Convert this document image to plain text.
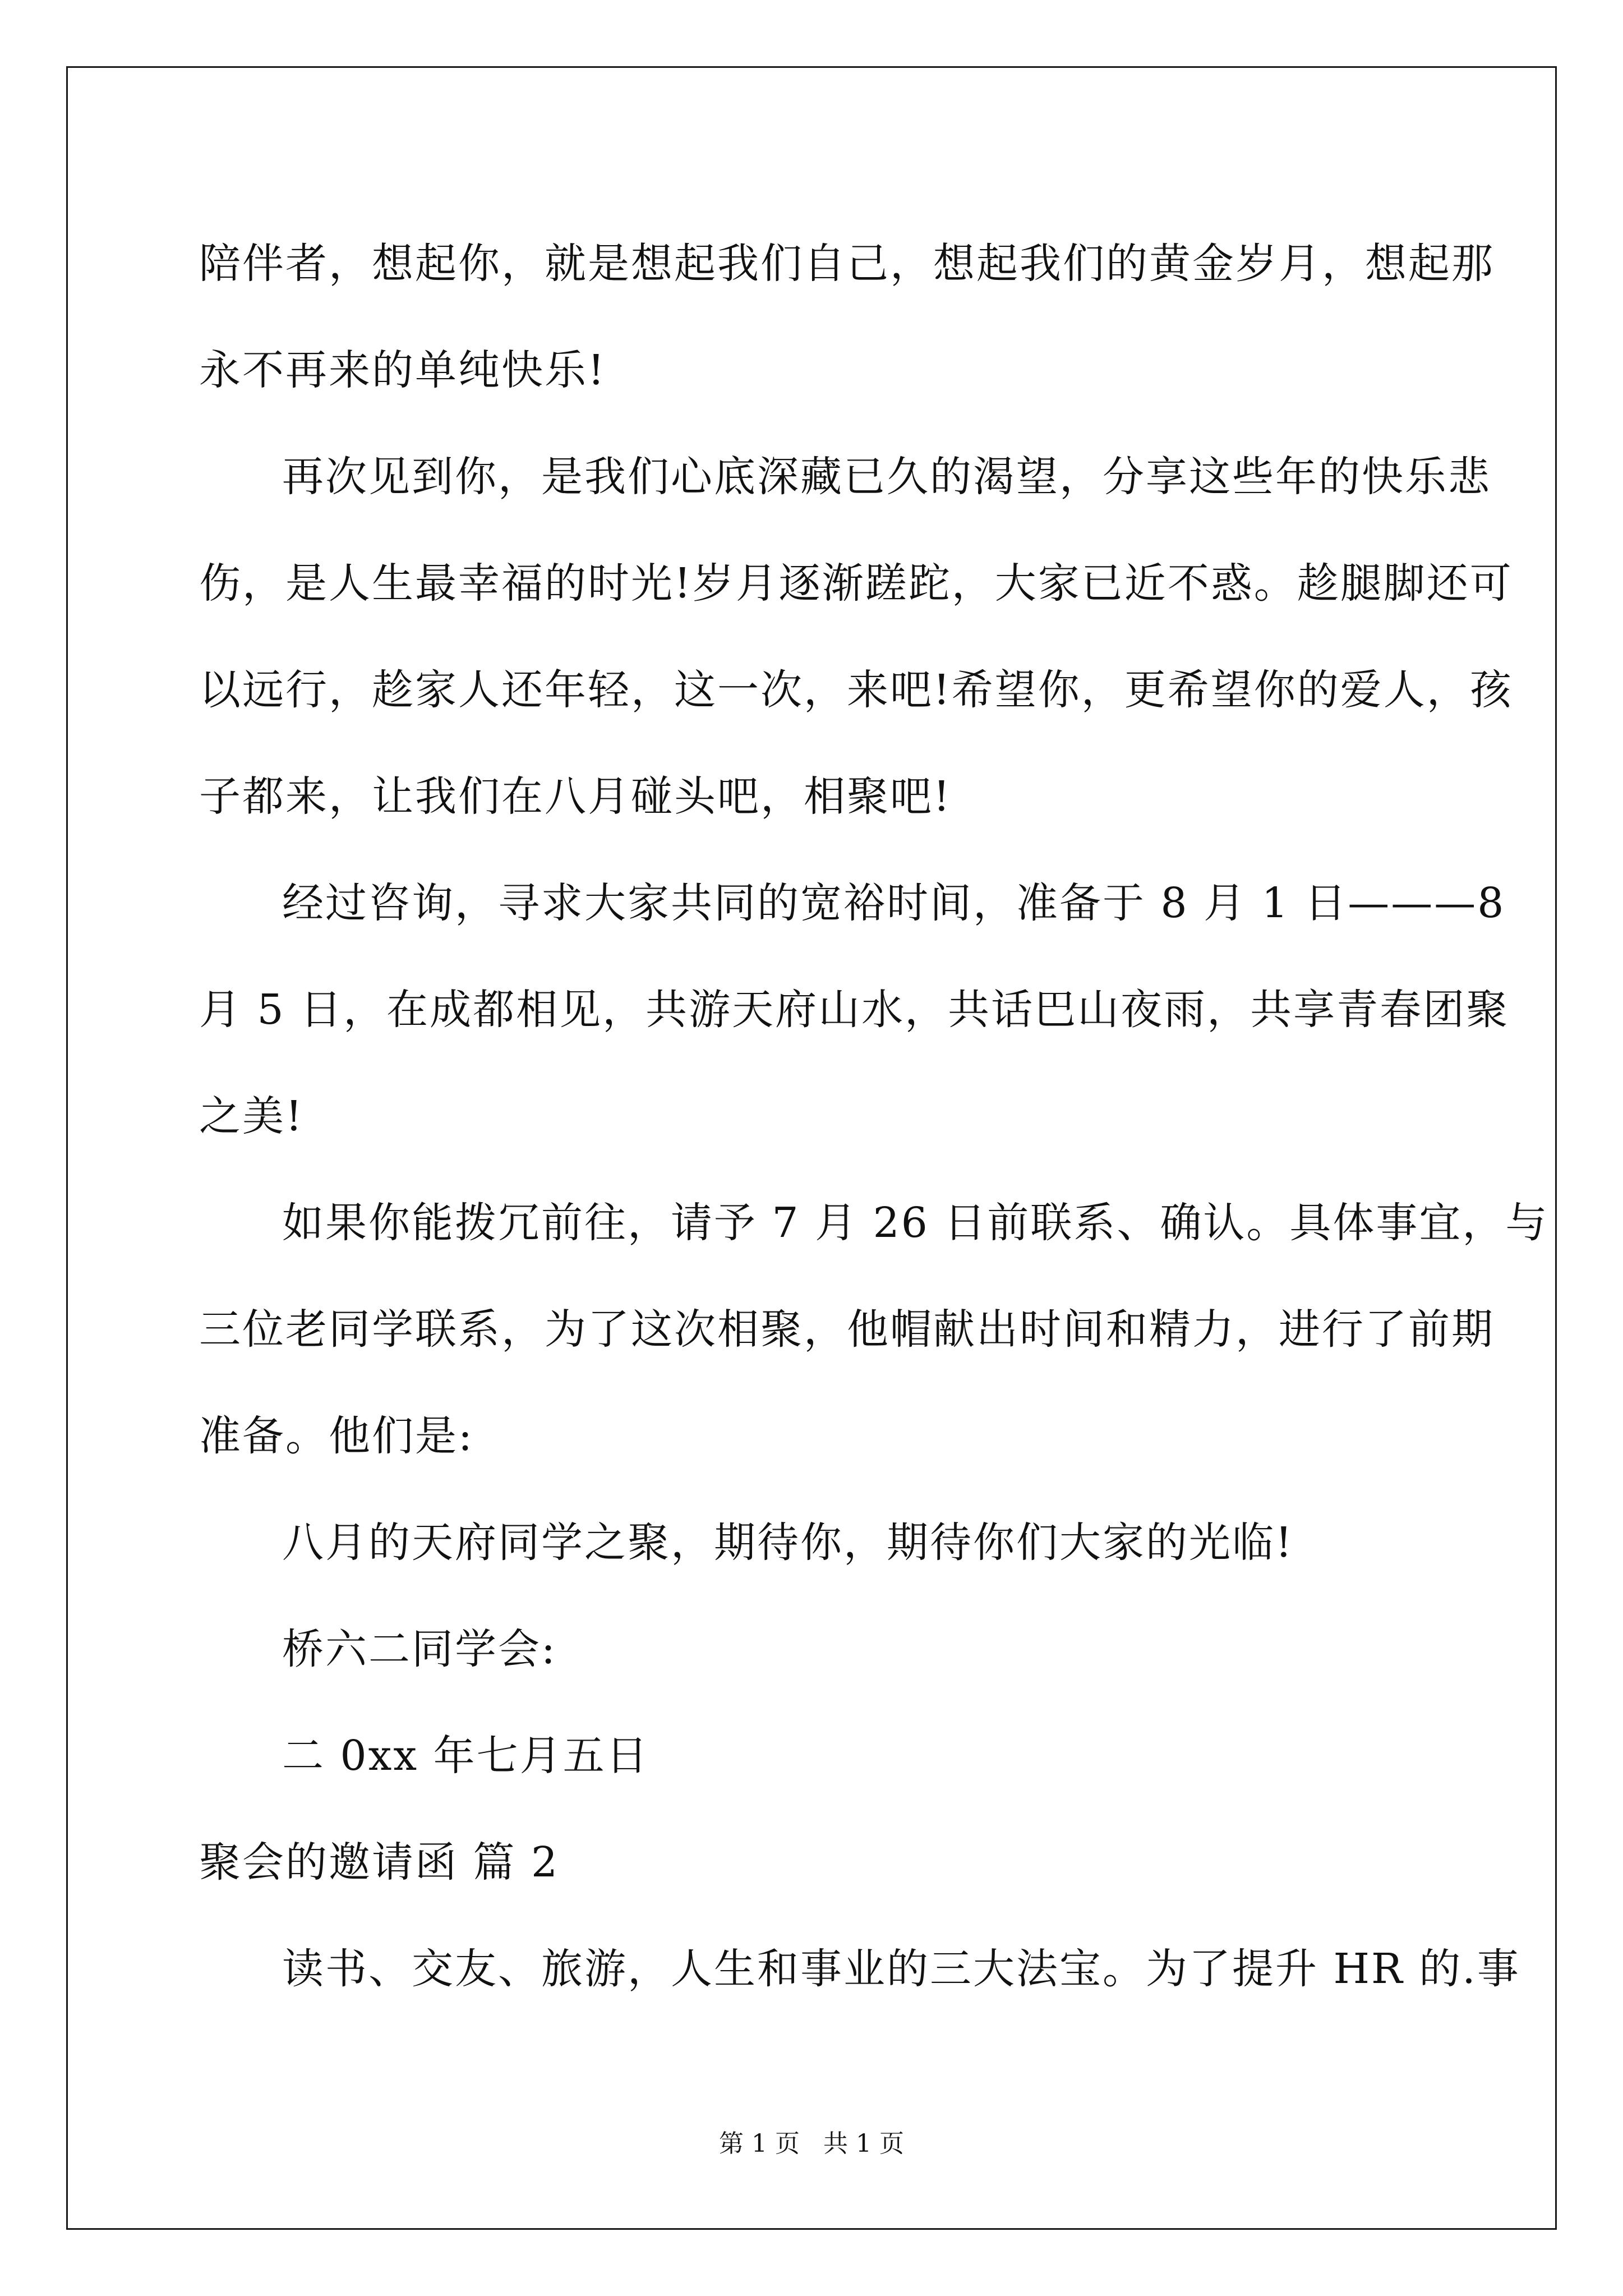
陪伴者，想起你，就是想起我们自己，想起我们的黄金岁月，想起那
永不再来的单纯快乐!
再次见到你，是我们心底深藏已久的渴望，分享这些年的快乐悲
伤，是人生最幸福的时光!岁月逐渐蹉跎，大家已近不惑。趁腿脚还可
以远行，趁家人还年轻，这一次，来吧!希望你，更希望你的爱人，孩
子都来，让我们在八月碰头吧，相聚吧!
经过咨询，寻求大家共同的宽裕时间，准备于 8 月 1 日———8
月 5 日，在成都相见，共游天府山水，共话巴山夜雨，共享青春团聚
之美!
如果你能拨冗前往，请予 7 月 26 日前联系、确认。具体事宜，与
三位老同学联系，为了这次相聚，他帽献出时间和精力，进行了前期
准备。他们是:
八月的天府同学之聚，期待你，期待你们大家的光临!
桥六二同学会:
二 0xx 年七月五日
聚会的邀请函 篇 2
读书、交友、旅游，人生和事业的三大法宝。为了提升 HR 的.事
第 1 页   共 1 页
